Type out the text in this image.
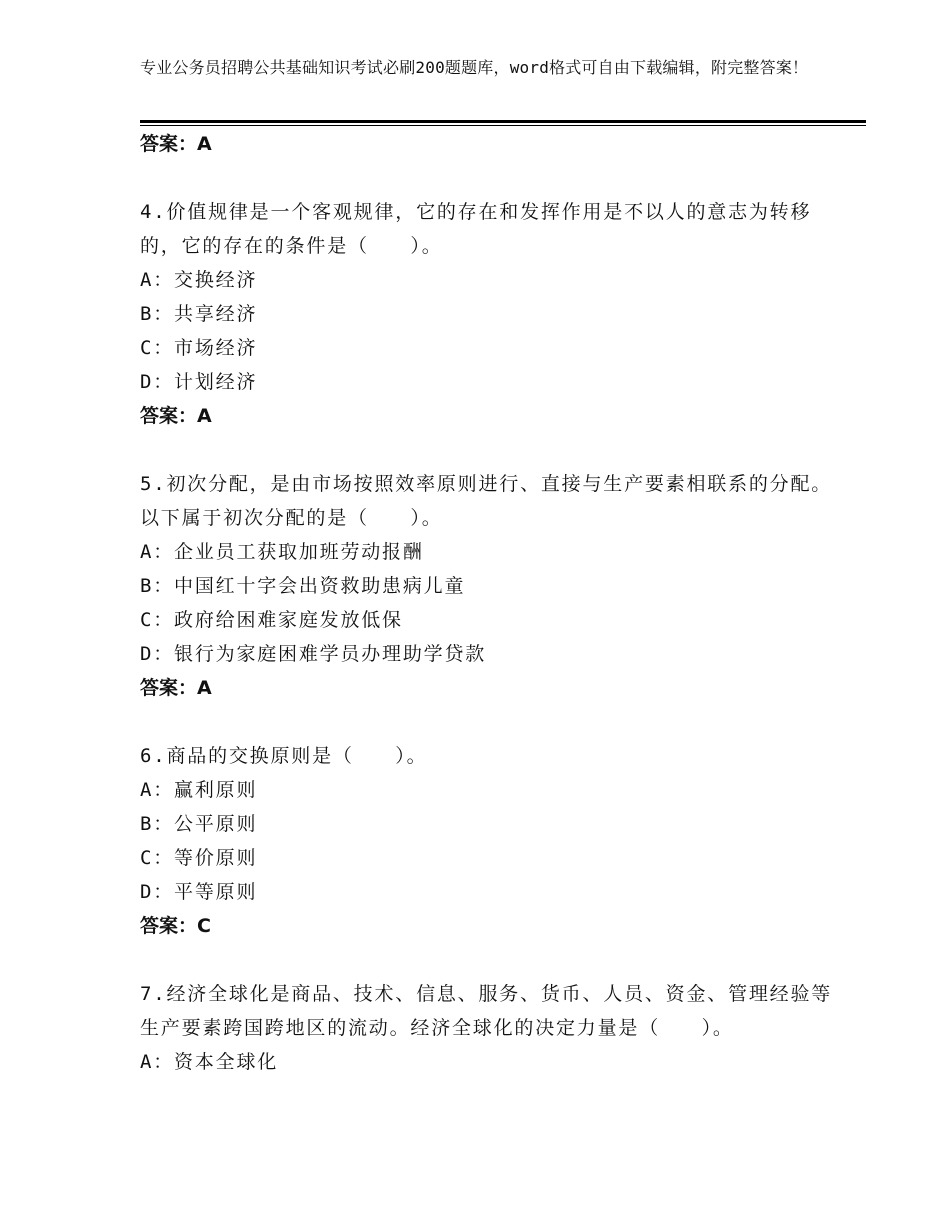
专业公务员招聘公共基础知识考试必刷200题题库，word格式可自由下载编辑，附完整答案！
答案：A
4.价值规律是一个客观规律，它的存在和发挥作用是不以人的意志为转移的，它的存在的条件是（　　）。
A：交换经济
B：共享经济
C：市场经济
D：计划经济
答案：A
5.初次分配，是由市场按照效率原则进行、直接与生产要素相联系的分配。以下属于初次分配的是（　　）。
A：企业员工获取加班劳动报酬
B：中国红十字会出资救助患病儿童
C：政府给困难家庭发放低保
D：银行为家庭困难学员办理助学贷款
答案：A
6.商品的交换原则是（　　）。
A：赢利原则
B：公平原则
C：等价原则
D：平等原则
答案：C
7.经济全球化是商品、技术、信息、服务、货币、人员、资金、管理经验等生产要素跨国跨地区的流动。经济全球化的决定力量是（　　）。
A：资本全球化
